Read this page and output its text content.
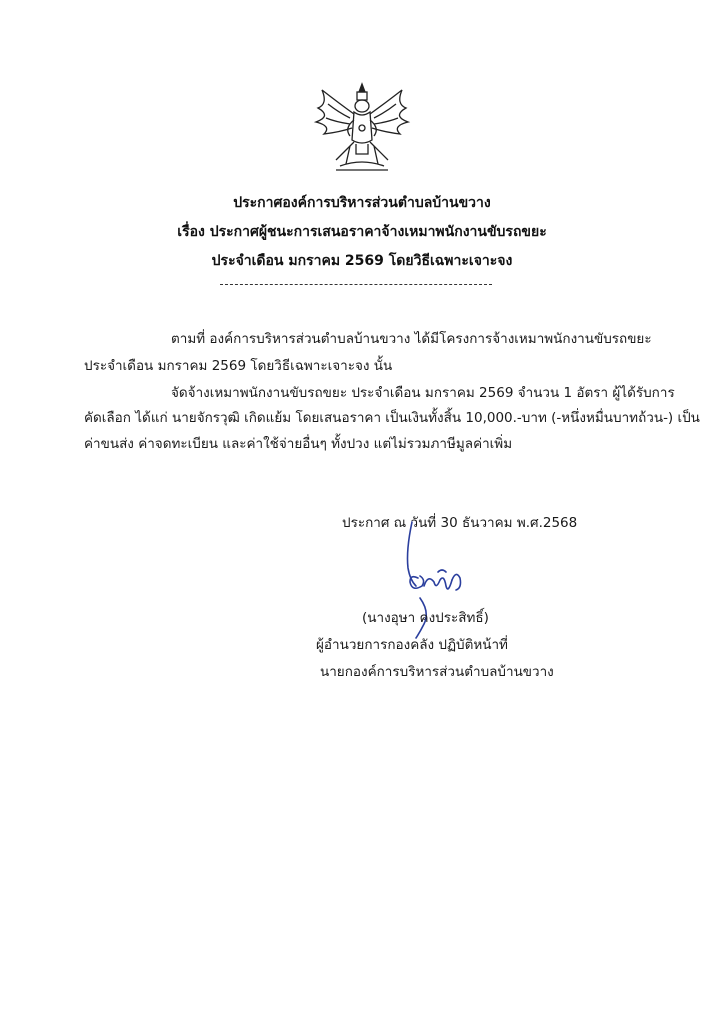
ประกาศองค์การบริหารส่วนตำบลบ้านขวาง
เรื่อง ประกาศผู้ชนะการเสนอราคาจ้างเหมาพนักงานขับรถขยะ
ประจำเดือน มกราคม 2569 โดยวิธีเฉพาะเจาะจง
ตามที่ องค์การบริหารส่วนตำบลบ้านขวาง ได้มีโครงการจ้างเหมาพนักงานขับรถขยะ
ประจำเดือน มกราคม 2569 โดยวิธีเฉพาะเจาะจง นั้น
จัดจ้างเหมาพนักงานขับรถขยะ ประจำเดือน มกราคม 2569 จำนวน 1 อัตรา ผู้ได้รับการ
คัดเลือก ได้แก่ นายจักรวุฒิ เกิดแย้ม โดยเสนอราคา เป็นเงินทั้งสิ้น 10,000.-บาท (-หนึ่งหมื่นบาทถ้วน-) เป็น
ค่าขนส่ง ค่าจดทะเบียน และค่าใช้จ่ายอื่นๆ ทั้งปวง แต่ไม่รวมภาษีมูลค่าเพิ่ม
ประกาศ ณ วันที่ 30 ธันวาคม พ.ศ.2568
(นางอุษา คงประสิทธิ์)
ผู้อำนวยการกองคลัง ปฏิบัติหน้าที่
นายกองค์การบริหารส่วนตำบลบ้านขวาง
